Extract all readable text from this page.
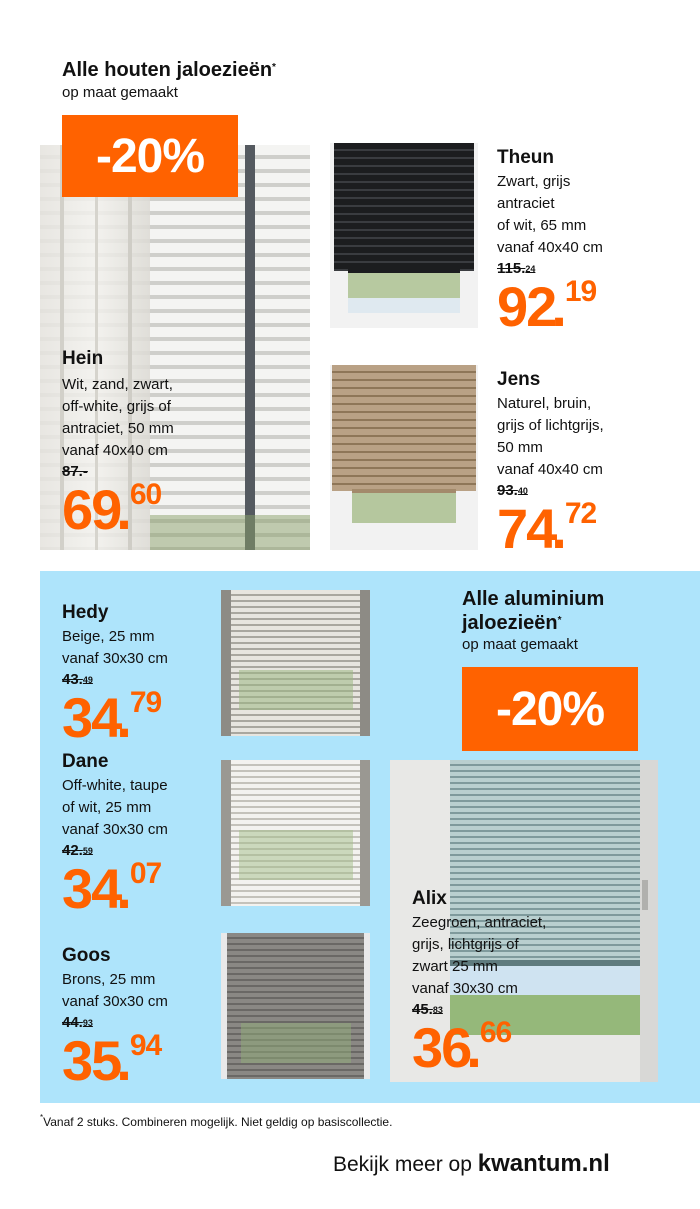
Alle houten jaloezieën*
op maat gemaakt
-20%
Hein
Wit, zand, zwart,
off-white, grijs of
antraciet, 50 mm
vanaf 40x40 cm
87.-
69.60
Theun
Zwart, grijs
antraciet
of wit, 65 mm
vanaf 40x40 cm
115.24
92.19
Jens
Naturel, bruin,
grijs of lichtgrijs,
50 mm
vanaf 40x40 cm
93.40
74.72
Hedy
Beige, 25 mm
vanaf 30x30 cm
43.49
34.79
Dane
Off-white, taupe
of wit, 25 mm
vanaf 30x30 cm
42.59
34.07
Goos
Brons, 25 mm
vanaf 30x30 cm
44.93
35.94
Alle aluminium
jaloezieën*
op maat gemaakt
-20%
Alix
Zeegroen, antraciet,
grijs, lichtgrijs of
zwart 25 mm
vanaf 30x30 cm
45.83
36.66
*Vanaf 2 stuks. Combineren mogelijk. Niet geldig op basiscollectie.
Bekijk meer op kwantum.nl
